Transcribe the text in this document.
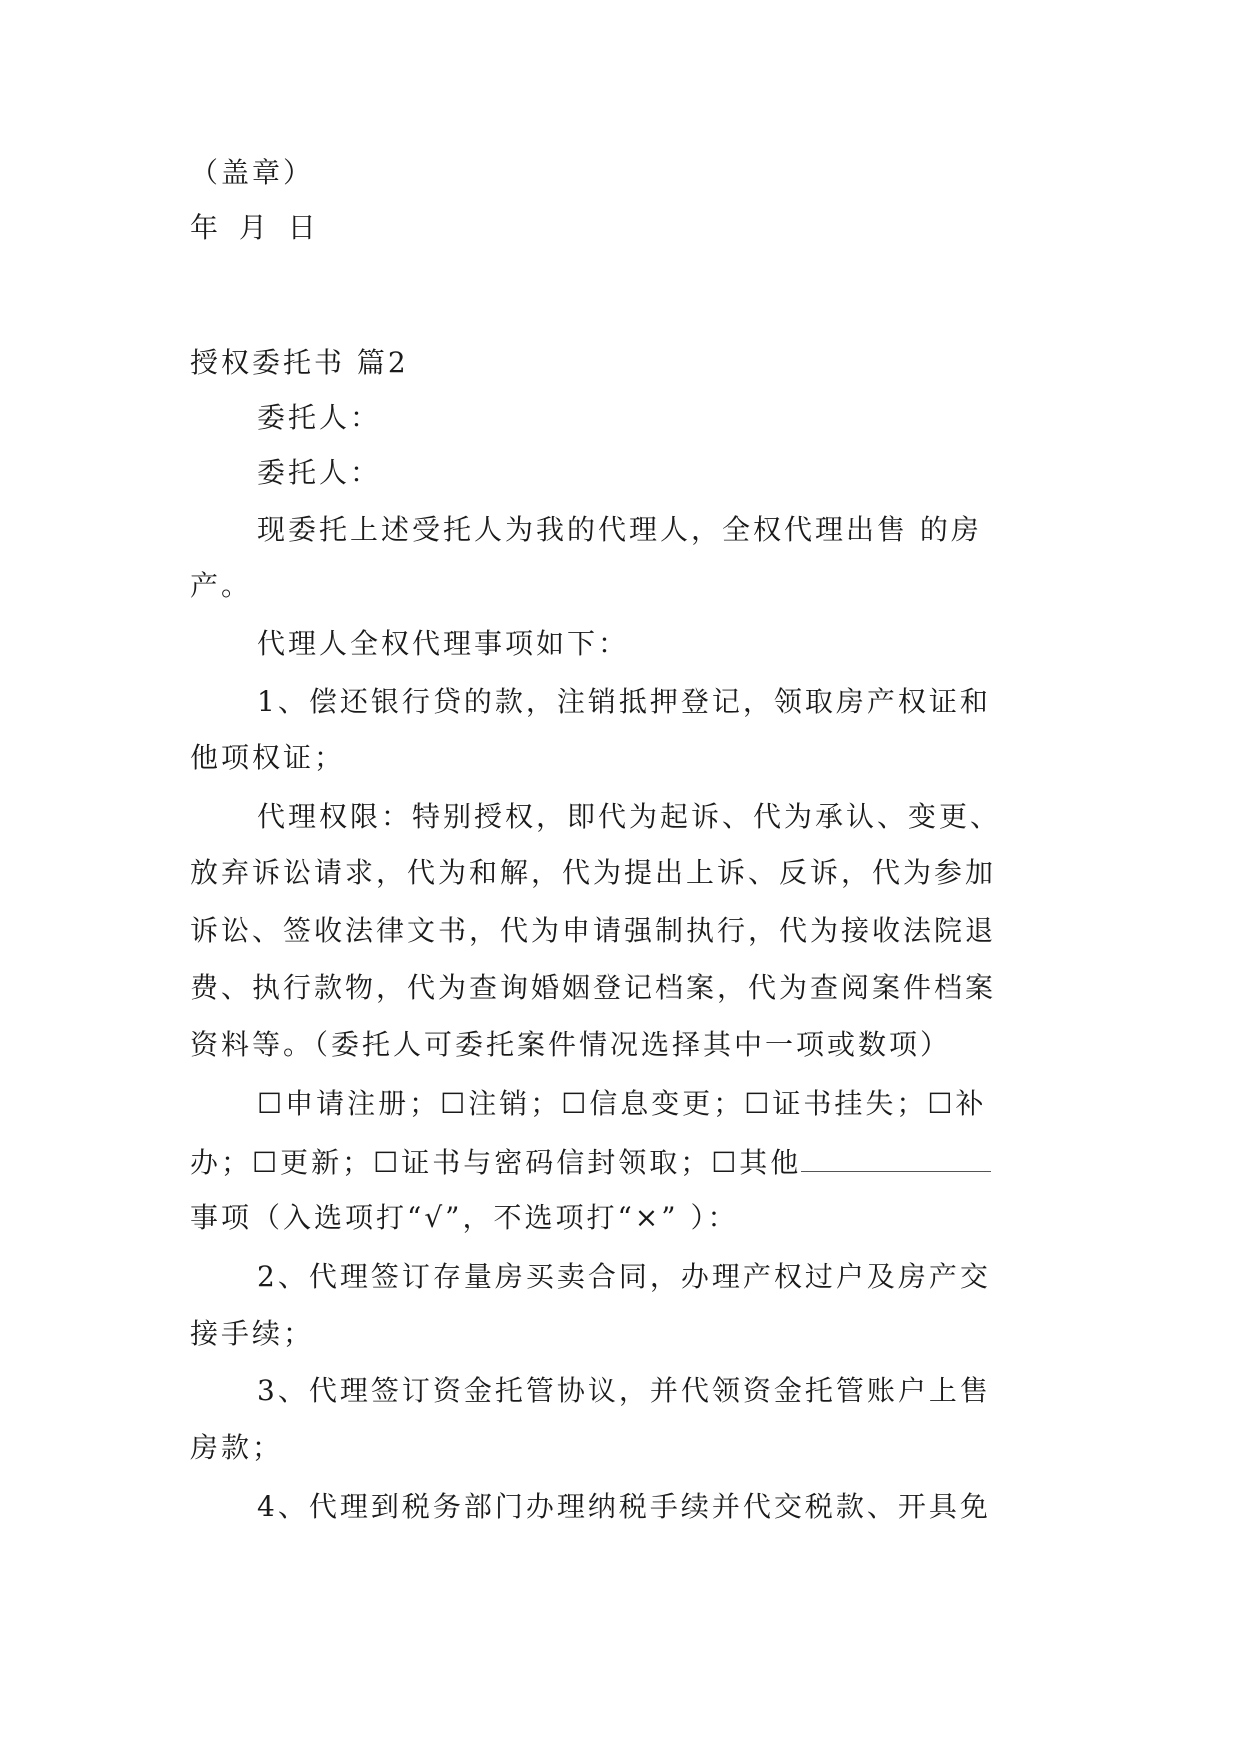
（盖章）
年 月 日
授权委托书 篇2
委托人：
委托人：
现委托上述受托人为我的代理人，全权代理出售 的房
产。
代理人全权代理事项如下：
1、偿还银行贷的款，注销抵押登记，领取房产权证和
他项权证；
代理权限：特别授权，即代为起诉、代为承认、变更、
放弃诉讼请求，代为和解，代为提出上诉、反诉，代为参加
诉讼、签收法律文书，代为申请强制执行，代为接收法院退
费、执行款物，代为查询婚姻登记档案，代为查阅案件档案
资料等。（委托人可委托案件情况选择其中一项或数项）
☐申请注册；☐注销；☐信息变更；☐证书挂失；☐补
办；☐更新；☐证书与密码信封领取；☐其他
事项（入选项打“√”，不选项打“×” ）：
2、代理签订存量房买卖合同，办理产权过户及房产交
接手续；
3、代理签订资金托管协议，并代领资金托管账户上售
房款；
4、代理到税务部门办理纳税手续并代交税款、开具免
